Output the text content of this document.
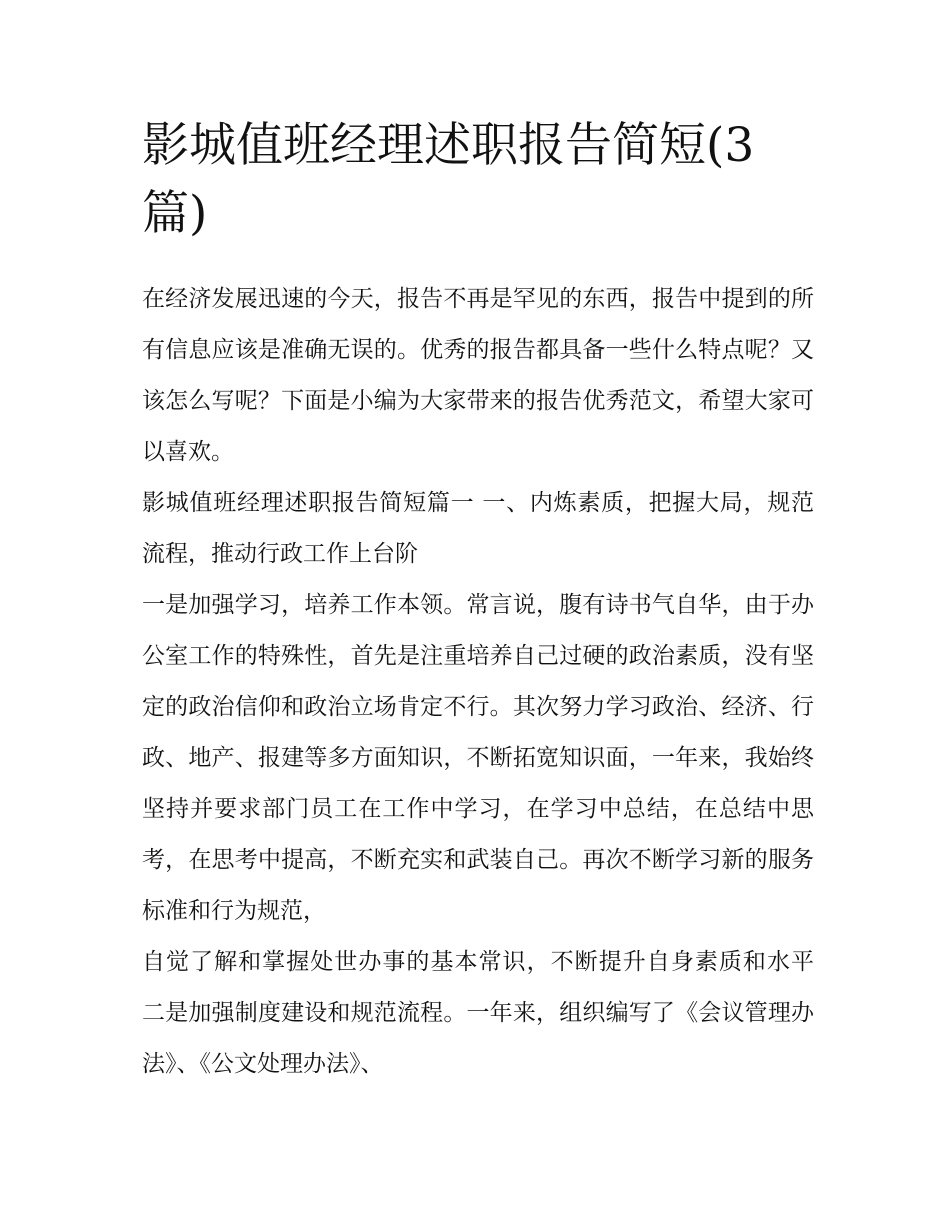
影城值班经理述职报告简短(3
篇)

在经济发展迅速的今天，报告不再是罕见的东西，报告中提到的所有信息应该是准确无误的。优秀的报告都具备一些什么特点呢？又该怎么写呢？下面是小编为大家带来的报告优秀范文，希望大家可以喜欢。

影城值班经理述职报告简短篇一 一、内炼素质，把握大局，规范流程，推动行政工作上台阶

一是加强学习，培养工作本领。常言说，腹有诗书气自华，由于办公室工作的特殊性，首先是注重培养自己过硬的政治素质，没有坚定的政治信仰和政治立场肯定不行。其次努力学习政治、经济、行政、地产、报建等多方面知识，不断拓宽知识面，一年来，我始终坚持并要求部门员工在工作中学习，在学习中总结，在总结中思考，在思考中提高，不断充实和武装自己。再次不断学习新的服务标准和行为规范，

自觉了解和掌握处世办事的基本常识，不断提升自身素质和水平 二是加强制度建设和规范流程。一年来，组织编写了《会议管理办法》、《公文处理办法》、
